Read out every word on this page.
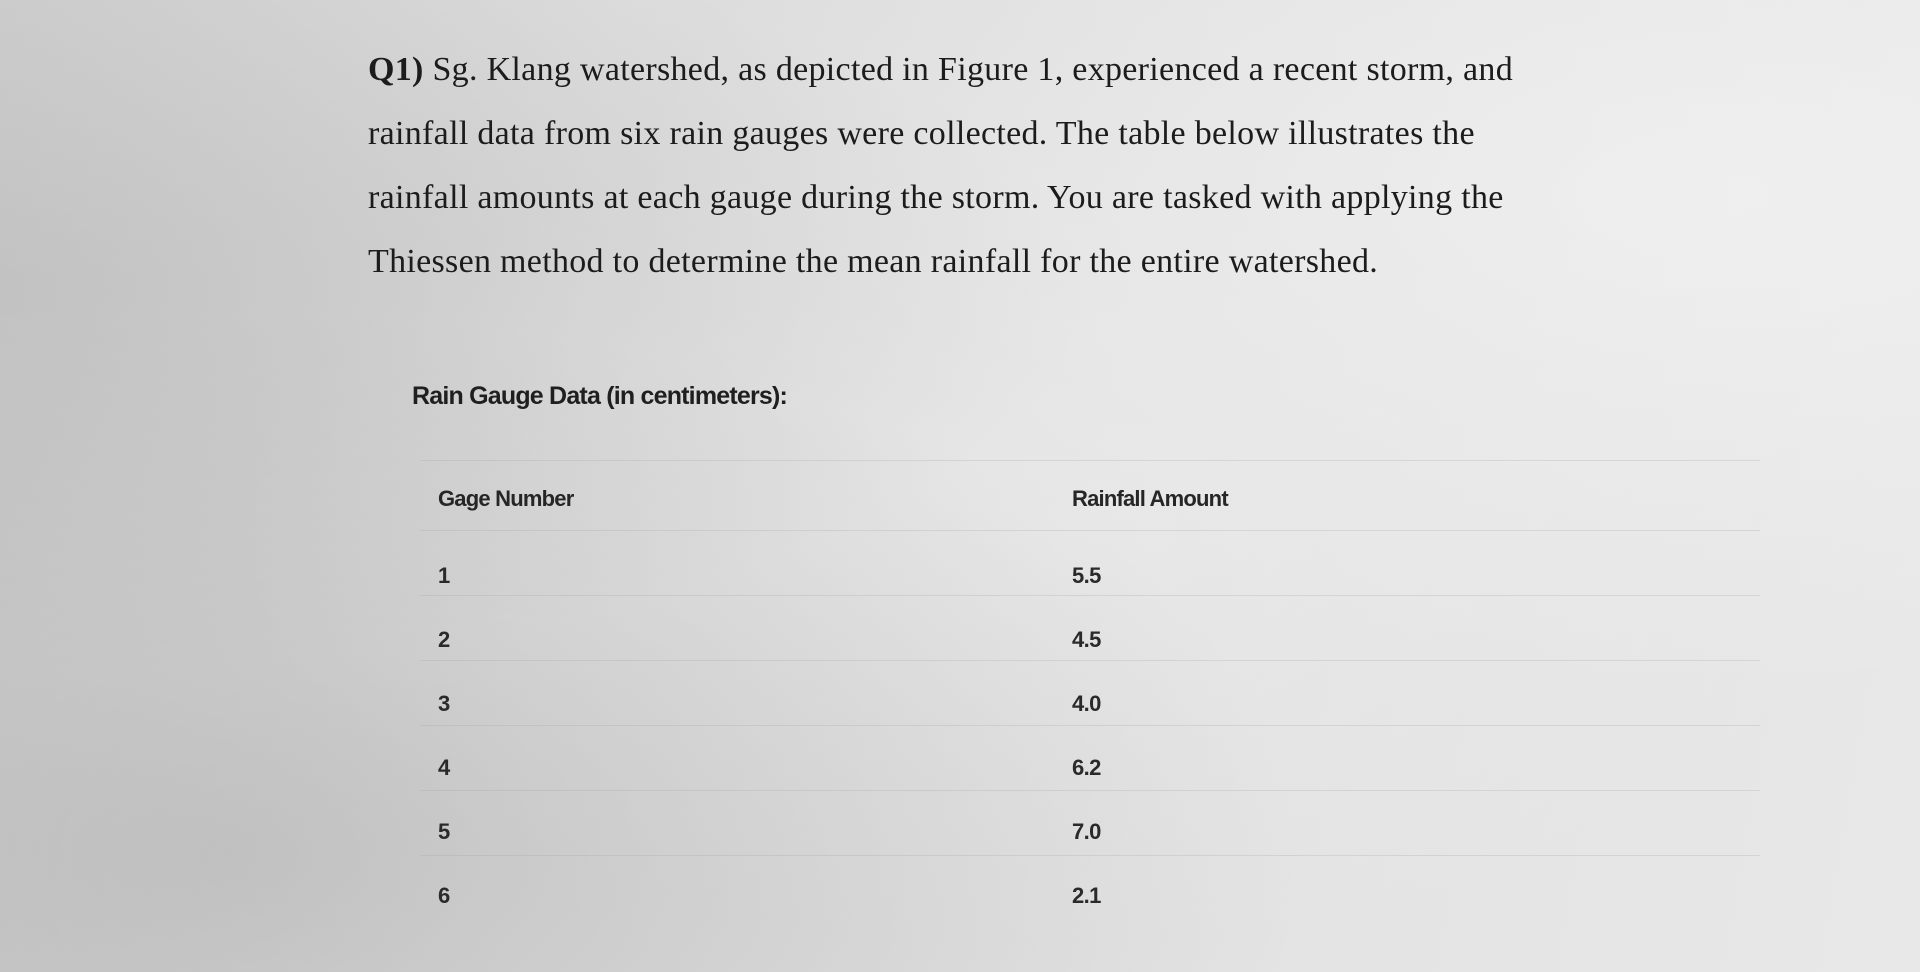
Q1) Sg. Klang watershed, as depicted in Figure 1, experienced a recent storm, and
rainfall data from six rain gauges were collected. The table below illustrates the
rainfall amounts at each gauge during the storm. You are tasked with applying the
Thiessen method to determine the mean rainfall for the entire watershed.
Rain Gauge Data (in centimeters):
Gage Number	Rainfall Amount
1	5.5
2	4.5
3	4.0
4	6.2
5	7.0
6	2.1
